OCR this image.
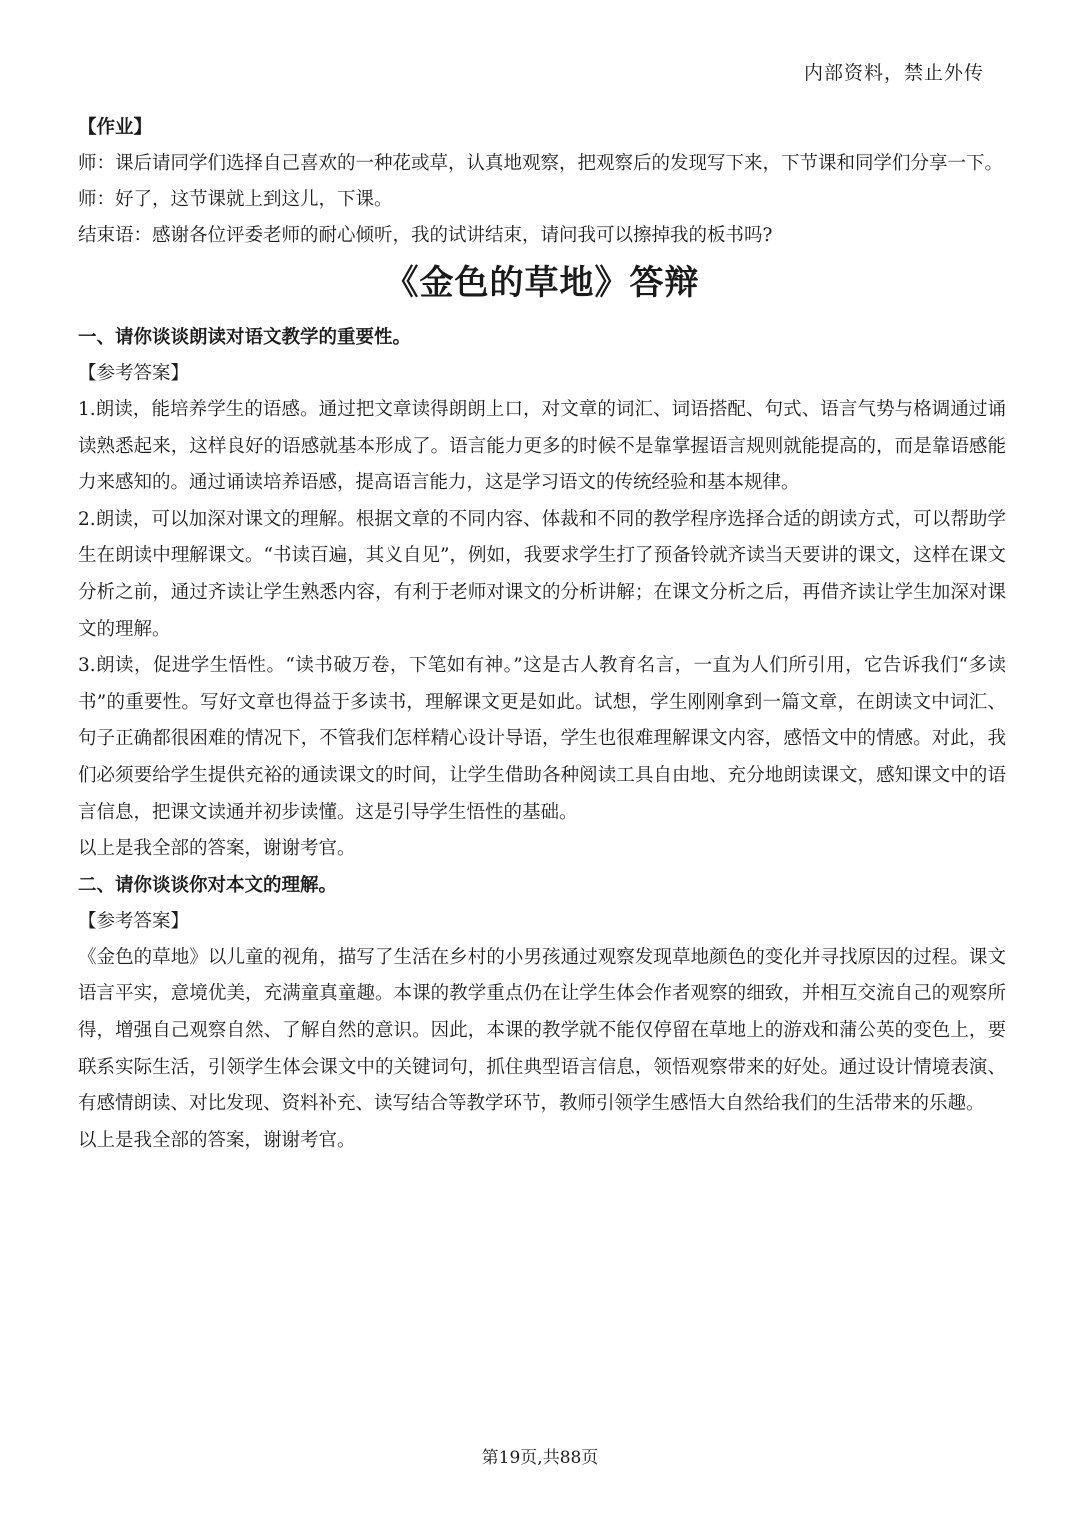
内部资料，禁止外传

【作业】

师：课后请同学们选择自己喜欢的一种花或草，认真地观察，把观察后的发现写下来，下节课和同学们分享一下。

师：好了，这节课就上到这儿，下课。

结束语：感谢各位评委老师的耐心倾听，我的试讲结束，请问我可以擦掉我的板书吗?

《金色的草地》答辩

一、请你谈谈朗读对语文教学的重要性。

【参考答案】

1.朗读，能培养学生的语感。通过把文章读得朗朗上口，对文章的词汇、词语搭配、句式、语言气势与格调通过诵读熟悉起来，这样良好的语感就基本形成了。语言能力更多的时候不是靠掌握语言规则就能提高的，而是靠语感能力来感知的。通过诵读培养语感，提高语言能力，这是学习语文的传统经验和基本规律。

2.朗读，可以加深对课文的理解。根据文章的不同内容、体裁和不同的教学程序选择合适的朗读方式，可以帮助学生在朗读中理解课文。“书读百遍，其义自见”，例如，我要求学生打了预备铃就齐读当天要讲的课文，这样在课文分析之前，通过齐读让学生熟悉内容，有利于老师对课文的分析讲解；在课文分析之后，再借齐读让学生加深对课文的理解。

3.朗读，促进学生悟性。“读书破万卷，下笔如有神。”这是古人教育名言，一直为人们所引用，它告诉我们“多读书”的重要性。写好文章也得益于多读书，理解课文更是如此。试想，学生刚刚拿到一篇文章，在朗读文中词汇、句子正确都很困难的情况下，不管我们怎样精心设计导语，学生也很难理解课文内容，感悟文中的情感。对此，我们必须要给学生提供充裕的通读课文的时间，让学生借助各种阅读工具自由地、充分地朗读课文，感知课文中的语言信息，把课文读通并初步读懂。这是引导学生悟性的基础。

以上是我全部的答案，谢谢考官。

二、请你谈谈你对本文的理解。

【参考答案】

《金色的草地》以儿童的视角，描写了生活在乡村的小男孩通过观察发现草地颜色的变化并寻找原因的过程。课文语言平实，意境优美，充满童真童趣。本课的教学重点仍在让学生体会作者观察的细致，并相互交流自己的观察所得，增强自己观察自然、了解自然的意识。因此，本课的教学就不能仅停留在草地上的游戏和蒲公英的变色上，要联系实际生活，引领学生体会课文中的关键词句，抓住典型语言信息，领悟观察带来的好处。通过设计情境表演、有感情朗读、对比发现、资料补充、读写结合等教学环节，教师引领学生感悟大自然给我们的生活带来的乐趣。

以上是我全部的答案，谢谢考官。

第19页,共88页
